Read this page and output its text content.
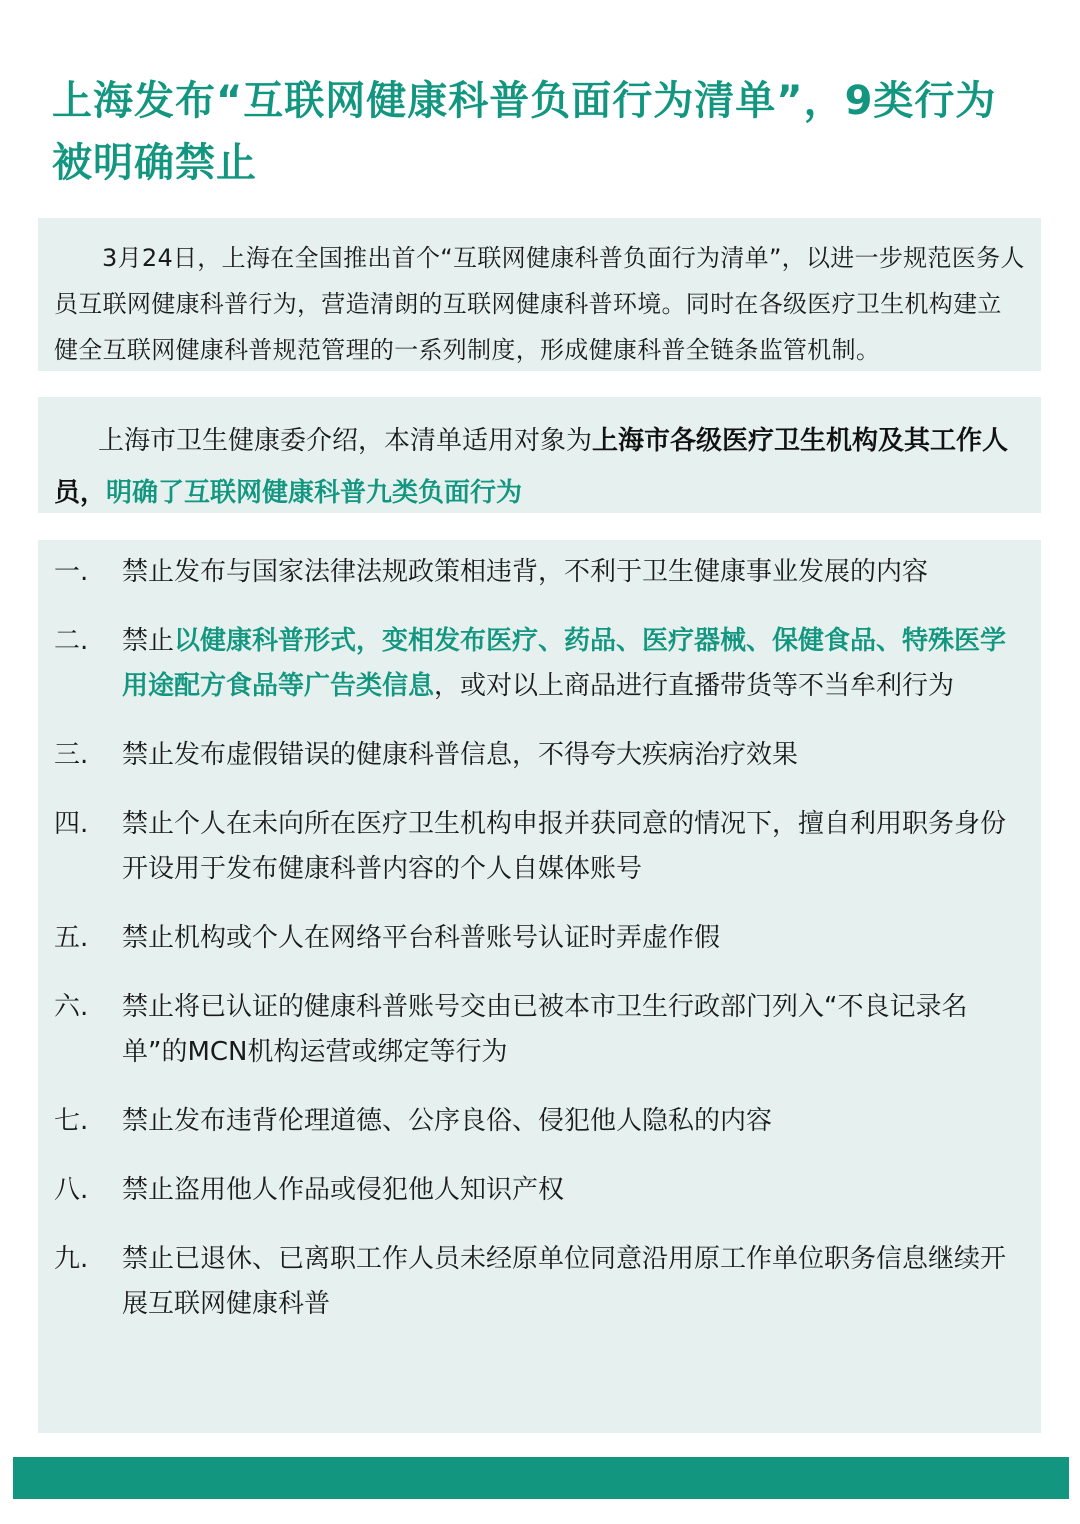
上海发布“互联网健康科普负面行为清单”，9类行为被明确禁止

3月24日，上海在全国推出首个“互联网健康科普负面行为清单”，以进一步规范医务人员互联网健康科普行为，营造清朗的互联网健康科普环境。同时在各级医疗卫生机构建立健全互联网健康科普规范管理的一系列制度，形成健康科普全链条监管机制。

上海市卫生健康委介绍，本清单适用对象为上海市各级医疗卫生机构及其工作人员，明确了互联网健康科普九类负面行为

一.	禁止发布与国家法律法规政策相违背，不利于卫生健康事业发展的内容
二.	禁止以健康科普形式，变相发布医疗、药品、医疗器械、保健食品、特殊医学用途配方食品等广告类信息，或对以上商品进行直播带货等不当牟利行为
三.	禁止发布虚假错误的健康科普信息，不得夸大疾病治疗效果
四.	禁止个人在未向所在医疗卫生机构申报并获同意的情况下，擅自利用职务身份开设用于发布健康科普内容的个人自媒体账号
五.	禁止机构或个人在网络平台科普账号认证时弄虚作假
六.	禁止将已认证的健康科普账号交由已被本市卫生行政部门列入“不良记录名单”的MCN机构运营或绑定等行为
七.	禁止发布违背伦理道德、公序良俗、侵犯他人隐私的内容
八.	禁止盗用他人作品或侵犯他人知识产权
九.	禁止已退休、已离职工作人员未经原单位同意沿用原工作单位职务信息继续开展互联网健康科普
